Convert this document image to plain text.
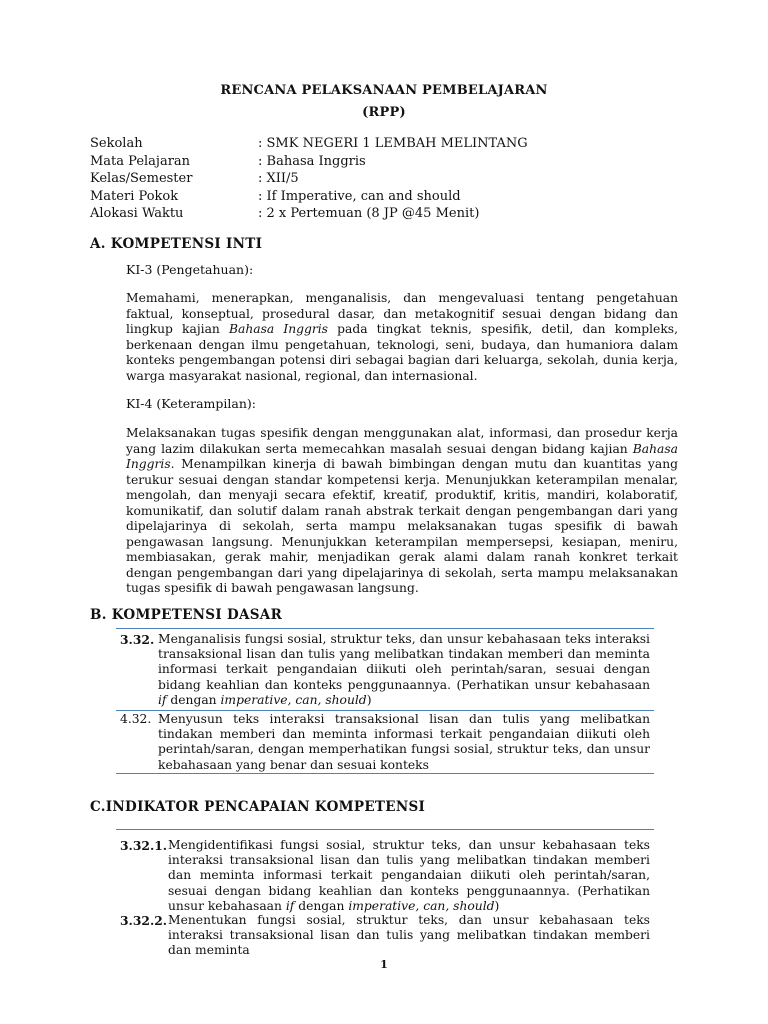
RENCANA PELAKSANAAN PEMBELAJARAN
(RPP)
Sekolah	: SMK NEGERI 1 LEMBAH MELINTANG
Mata Pelajaran	: Bahasa Inggris
Kelas/Semester	: XII/5
Materi Pokok	: If Imperative, can and should
Alokasi Waktu	: 2 x Pertemuan (8 JP @45 Menit)
A. KOMPETENSI INTI
KI-3 (Pengetahuan):
Memahami, menerapkan, menganalisis, dan mengevaluasi tentang pengetahuan faktual, konseptual, prosedural dasar, dan metakognitif sesuai dengan bidang dan lingkup kajian Bahasa Inggris pada tingkat teknis, spesifik, detil, dan kompleks, berkenaan dengan ilmu pengetahuan, teknologi, seni, budaya, dan humaniora dalam konteks pengembangan potensi diri sebagai bagian dari keluarga, sekolah, dunia kerja, warga masyarakat nasional, regional, dan internasional.
KI-4 (Keterampilan):
Melaksanakan tugas spesifik dengan menggunakan alat, informasi, dan prosedur kerja yang lazim dilakukan serta memecahkan masalah sesuai dengan bidang kajian Bahasa Inggris. Menampilkan kinerja di bawah bimbingan dengan mutu dan kuantitas yang terukur sesuai dengan standar kompetensi kerja. Menunjukkan keterampilan menalar, mengolah, dan menyaji secara efektif, kreatif, produktif, kritis, mandiri, kolaboratif, komunikatif, dan solutif dalam ranah abstrak terkait dengan pengembangan dari yang dipelajarinya di sekolah, serta mampu melaksanakan tugas spesifik di bawah pengawasan langsung. Menunjukkan keterampilan mempersepsi, kesiapan, meniru, membiasakan, gerak mahir, menjadikan gerak alami dalam ranah konkret terkait dengan pengembangan dari yang dipelajarinya di sekolah, serta mampu melaksanakan tugas spesifik di bawah pengawasan langsung.
B. KOMPETENSI DASAR
3.32. Menganalisis fungsi sosial, struktur teks, dan unsur kebahasaan teks interaksi transaksional lisan dan tulis yang melibatkan tindakan memberi dan meminta informasi terkait pengandaian diikuti oleh perintah/saran, sesuai dengan bidang keahlian dan konteks penggunaannya. (Perhatikan unsur kebahasaan if dengan imperative, can, should)
4.32. Menyusun teks interaksi transaksional lisan dan tulis yang melibatkan tindakan memberi dan meminta informasi terkait pengandaian diikuti oleh perintah/saran, dengan memperhatikan fungsi sosial, struktur teks, dan unsur kebahasaan yang benar dan sesuai konteks
C.INDIKATOR PENCAPAIAN KOMPETENSI
3.32.1. Mengidentifikasi fungsi sosial, struktur teks, dan unsur kebahasaan teks interaksi transaksional lisan dan tulis yang melibatkan tindakan memberi dan meminta informasi terkait pengandaian diikuti oleh perintah/saran, sesuai dengan bidang keahlian dan konteks penggunaannya. (Perhatikan unsur kebahasaan if dengan imperative, can, should)
3.32.2. Menentukan fungsi sosial, struktur teks, dan unsur kebahasaan teks interaksi transaksional lisan dan tulis yang melibatkan tindakan memberi dan meminta
1
